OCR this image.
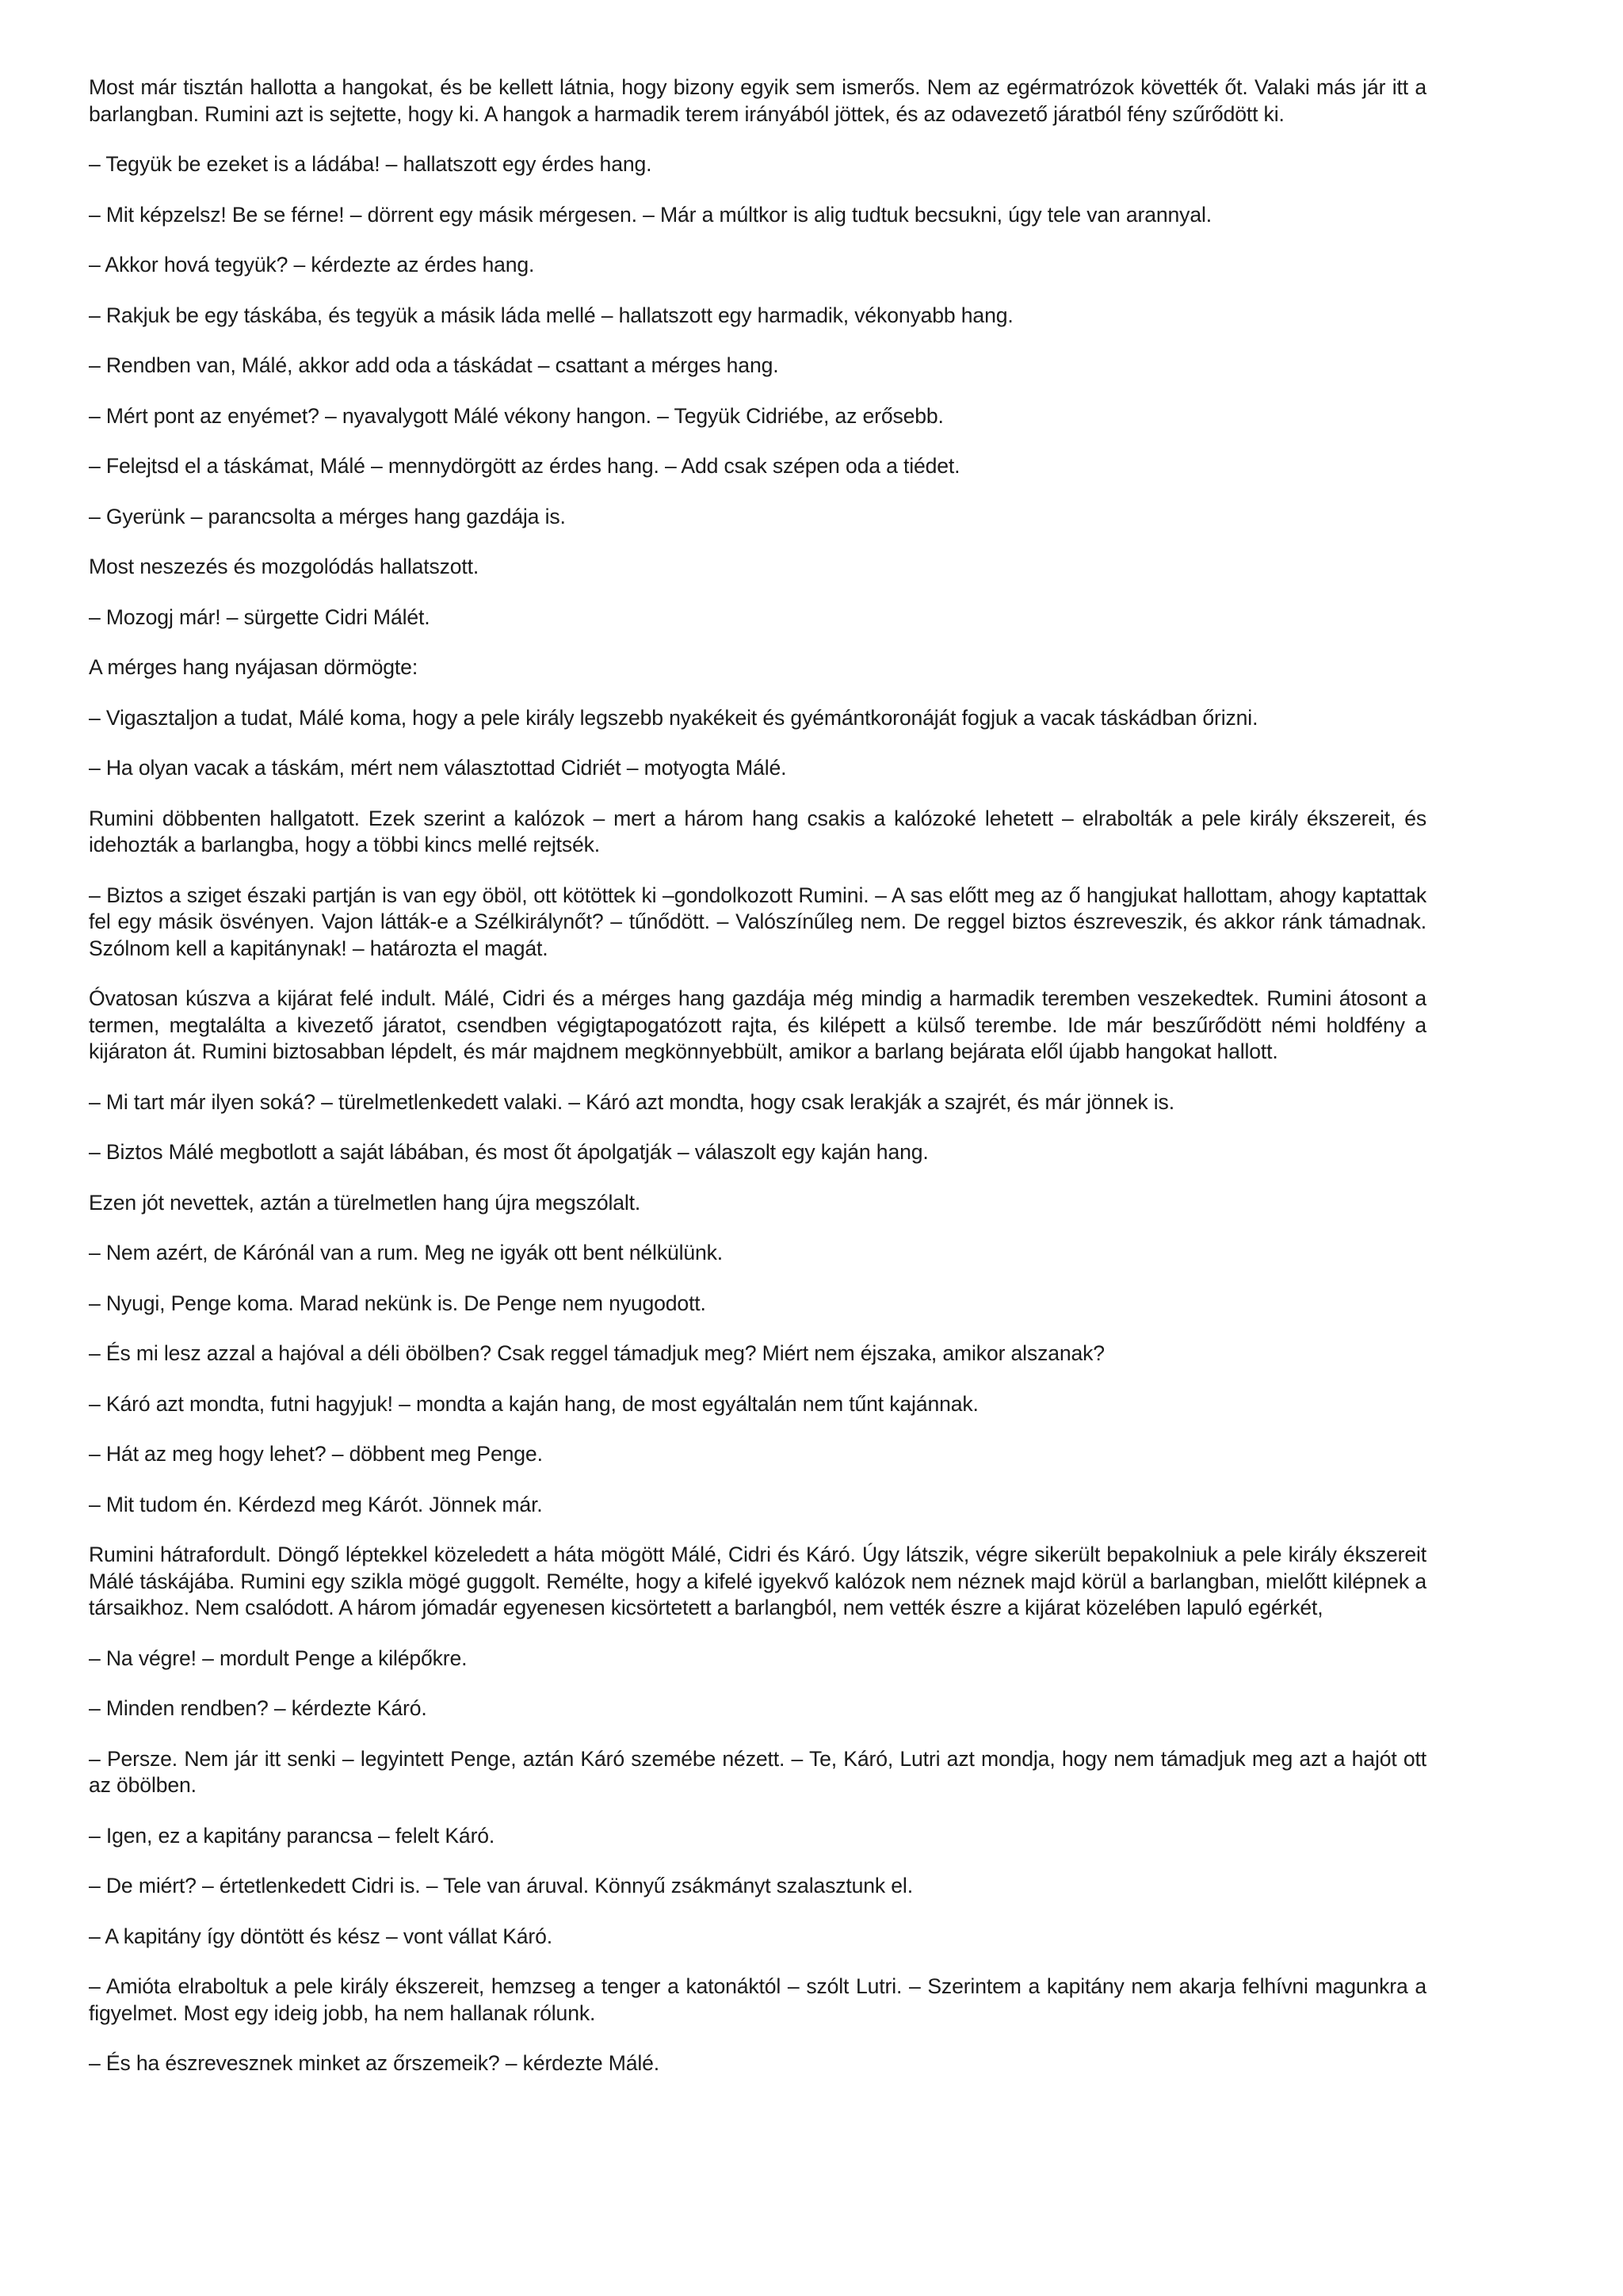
Most már tisztán hallotta a hangokat, és be kellett látnia, hogy bizony egyik sem ismerős. Nem az egérmatrózok követték őt. Valaki más jár itt a barlangban. Rumini azt is sejtette, hogy ki. A hangok a harmadik terem irányából jöttek, és az odavezető járatból fény szűrődött ki.

– Tegyük be ezeket is a ládába! – hallatszott egy érdes hang.

– Mit képzelsz! Be se férne! – dörrent egy másik mérgesen. – Már a múltkor is alig tudtuk becsukni, úgy tele van arannyal.

– Akkor hová tegyük? – kérdezte az érdes hang.

– Rakjuk be egy táskába, és tegyük a másik láda mellé – hallatszott egy harmadik, vékonyabb hang.

– Rendben van, Málé, akkor add oda a táskádat – csattant a mérges hang.

– Mért pont az enyémet? – nyavalygott Málé vékony hangon. – Tegyük Cidriébe, az erősebb.

– Felejtsd el a táskámat, Málé – mennydörgött az érdes hang. – Add csak szépen oda a tiédet.

– Gyerünk – parancsolta a mérges hang gazdája is.

Most neszezés és mozgolódás hallatszott.

– Mozogj már! – sürgette Cidri Málét.

A mérges hang nyájasan dörmögte:

– Vigasztaljon a tudat, Málé koma, hogy a pele király legszebb nyakékeit és gyémántkoronáját fogjuk a vacak táskádban őrizni.

– Ha olyan vacak a táskám, mért nem választottad Cidriét – motyogta Málé.

Rumini döbbenten hallgatott. Ezek szerint a kalózok – mert a három hang csakis a kalózoké lehetett – elrabolták a pele király ékszereit, és idehozták a barlangba, hogy a többi kincs mellé rejtsék.

– Biztos a sziget északi partján is van egy öböl, ott kötöttek ki –gondolkozott Rumini. – A sas előtt meg az ő hangjukat hallottam, ahogy kaptattak fel egy másik ösvényen. Vajon látták-e a Szélkirálynőt? – tűnődött. – Valószínűleg nem. De reggel biztos észreveszik, és akkor ránk támadnak. Szólnom kell a kapitánynak! – határozta el magát.

Óvatosan kúszva a kijárat felé indult. Málé, Cidri és a mérges hang gazdája még mindig a harmadik teremben veszekedtek. Rumini átosont a termen, megtalálta a kivezető járatot, csendben végigtapogatózott rajta, és kilépett a külső terembe. Ide már beszűrődött némi holdfény a kijáraton át. Rumini biztosabban lépdelt, és már majdnem megkönnyebbült, amikor a barlang bejárata elől újabb hangokat hallott.

– Mi tart már ilyen soká? – türelmetlenkedett valaki. – Káró azt mondta, hogy csak lerakják a szajrét, és már jönnek is.

– Biztos Málé megbotlott a saját lábában, és most őt ápolgatják – válaszolt egy kaján hang.

Ezen jót nevettek, aztán a türelmetlen hang újra megszólalt.

– Nem azért, de Kárónál van a rum. Meg ne igyák ott bent nélkülünk.

– Nyugi, Penge koma. Marad nekünk is. De Penge nem nyugodott.

– És mi lesz azzal a hajóval a déli öbölben? Csak reggel támadjuk meg? Miért nem éjszaka, amikor alszanak?

– Káró azt mondta, futni hagyjuk! – mondta a kaján hang, de most egyáltalán nem tűnt kajánnak.

– Hát az meg hogy lehet? – döbbent meg Penge.

– Mit tudom én. Kérdezd meg Kárót. Jönnek már.

Rumini hátrafordult. Döngő léptekkel közeledett a háta mögött Málé, Cidri és Káró. Úgy látszik, végre sikerült bepakolniuk a pele király ékszereit Málé táskájába. Rumini egy szikla mögé guggolt. Remélte, hogy a kifelé igyekvő kalózok nem néznek majd körül a barlangban, mielőtt kilépnek a társaikhoz. Nem csalódott. A három jómadár egyenesen kicsörtetett a barlangból, nem vették észre a kijárat közelében lapuló egérkét,

– Na végre! – mordult Penge a kilépőkre.

– Minden rendben? – kérdezte Káró.

– Persze. Nem jár itt senki – legyintett Penge, aztán Káró szemébe nézett. – Te, Káró, Lutri azt mondja, hogy nem támadjuk meg azt a hajót ott az öbölben.

– Igen, ez a kapitány parancsa – felelt Káró.

– De miért? – értetlenkedett Cidri is. – Tele van áruval. Könnyű zsákmányt szalasztunk el.

– A kapitány így döntött és kész – vont vállat Káró.

– Amióta elraboltuk a pele király ékszereit, hemzseg a tenger a katonáktól – szólt Lutri. – Szerintem a kapitány nem akarja felhívni magunkra a figyelmet. Most egy ideig jobb, ha nem hallanak rólunk.

– És ha észrevesznek minket az őrszemeik? – kérdezte Málé.
